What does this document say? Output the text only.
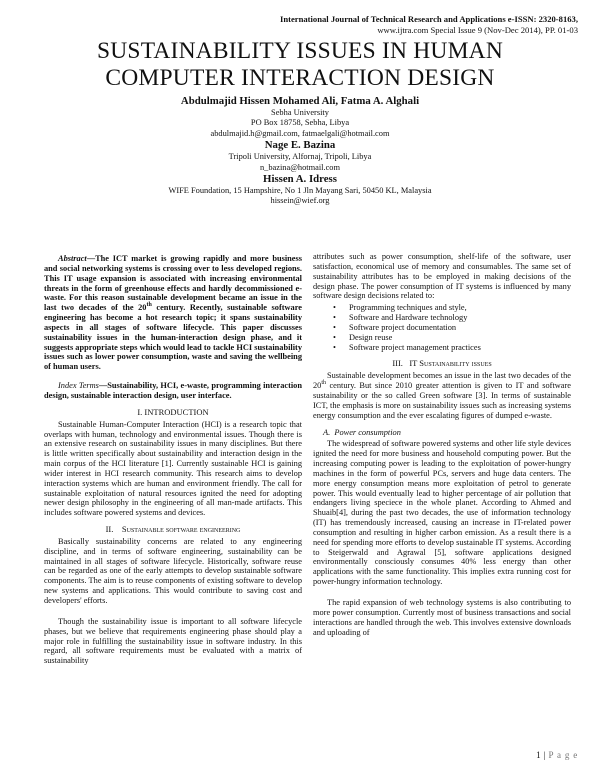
International Journal of Technical Research and Applications e-ISSN: 2320-8163,
www.ijtra.com Special Issue 9 (Nov-Dec 2014), PP. 01-03
SUSTAINABILITY ISSUES IN HUMAN
COMPUTER INTERACTION DESIGN
Abdulmajid Hissen Mohamed Ali, Fatma A. Alghali
Sebha University
PO Box 18758, Sebha, Libya
abdulmajid.h@gmail.com, fatmaelgali@hotmail.com
Nage E. Bazina
Tripoli University, Alfornaj, Tripoli, Libya
n_bazina@hotmail.com
Hissen A. Idress
WIFE Foundation, 15 Hampshire, No 1 Jln Mayang Sari, 50450 KL, Malaysia
hissein@wief.org

Abstract—The ICT market is growing rapidly and more business and social networking systems is crossing over to less developed regions. This IT usage expansion is associated with increasing environmental threats in the form of greenhouse effects and hardly decommissioned e-waste. For this reason sustainable development became an issue in the last two decades of the 20th century. Recently, sustainable software engineering has become a hot research topic; it spans sustainability aspects in all stages of software lifecycle. This paper discusses sustainability issues in the human-interaction design phase, and it suggests appropriate steps which would lead to tackle HCI sustainability issues such as lower power consumption, waste and saving the wellbeing of human users.

Index Terms—Sustainability, HCI, e-waste, programming interaction design, sustainable interaction design, user interface.

I. INTRODUCTION

Sustainable Human-Computer Interaction (HCI) is a research topic that overlaps with human, technology and environmental issues. Though there is an extensive research on sustainability issues in many disciplines. But there is little written specifically about sustainability and interaction design in the main corpus of the HCI literature [1]. Currently sustainable HCI is gaining wider interest in HCI research community. This research aims to develop interaction systems which are human and environment friendly. The call for sustainable exploitation of natural resources ignited the need for adopting newer design philosophy in the engineering of all man-made artifacts. This includes software powered systems and devices.

II. Sustainable software engineering

Basically sustainability concerns are related to any engineering discipline, and in terms of software engineering, sustainability can be maintained in all stages of software lifecycle. Historically, software reuse can be regarded as one of the early attempts to develop sustainable software components. The aim is to reuse components of existing software to develop new systems and applications. This would contribute to saving cost and developers' efforts.

Though the sustainability issue is important to all software lifecycle phases, but we believe that requirements engineering phase should play a major role in fulfilling the sustainability issue in software industry. In this regard, all software requirements must be evaluated with a matrix of sustainability

attributes such as power consumption, shelf-life of the software, user satisfaction, economical use of memory and consumables. The same set of sustainability attributes has to be employed in making decisions of the design phase. The power consumption of IT systems is influenced by many software design decisions related to:

• Programming techniques and style,
• Software and Hardware technology
• Software project documentation
• Design reuse
• Software project management practices
III. IT Sustainability issues

Sustainable development becomes an issue in the last two decades of the 20th century. But since 2010 greater attention is given to IT and software sustainability or the so called Green software [3]. In terms of sustainable ICT, the emphasis is more on sustainability issues such as increasing systems energy consumption and the ever escalating figures of dumped e-waste.

A.  Power consumption

The widespread of software powered systems and other life style devices ignited the need for more business and household computing power. But the increasing computing power is leading to the exploitation of power-hungry machines in the form of powerful PCs, servers and huge data centers. The more energy consumption means more exploitation of petrol to generate power. This would eventually lead to higher percentage of air pollution that endangers living speciece in the whole planet. According to Ahmed and Shuaib[4], during the past two decades, the use of information technology (IT) has tremendously increased, causing an increase in IT-related power consumption and resulting in higher carbon emission. As a result there is a need for spending more efforts to develop sustainable IT systems. According to Steigerwald and Agrawal [5], software applications designed environmentally consciously consumes 40% less energy than other applications with the same functionality. This implies extra running cost for power-hungry information technology.

The rapid expansion of web technology systems is also contributing to more power consumption. Currently most of business transactions and social interactions are handled through the web. This involves extensive downloads and uploading of

1 | P a g e
